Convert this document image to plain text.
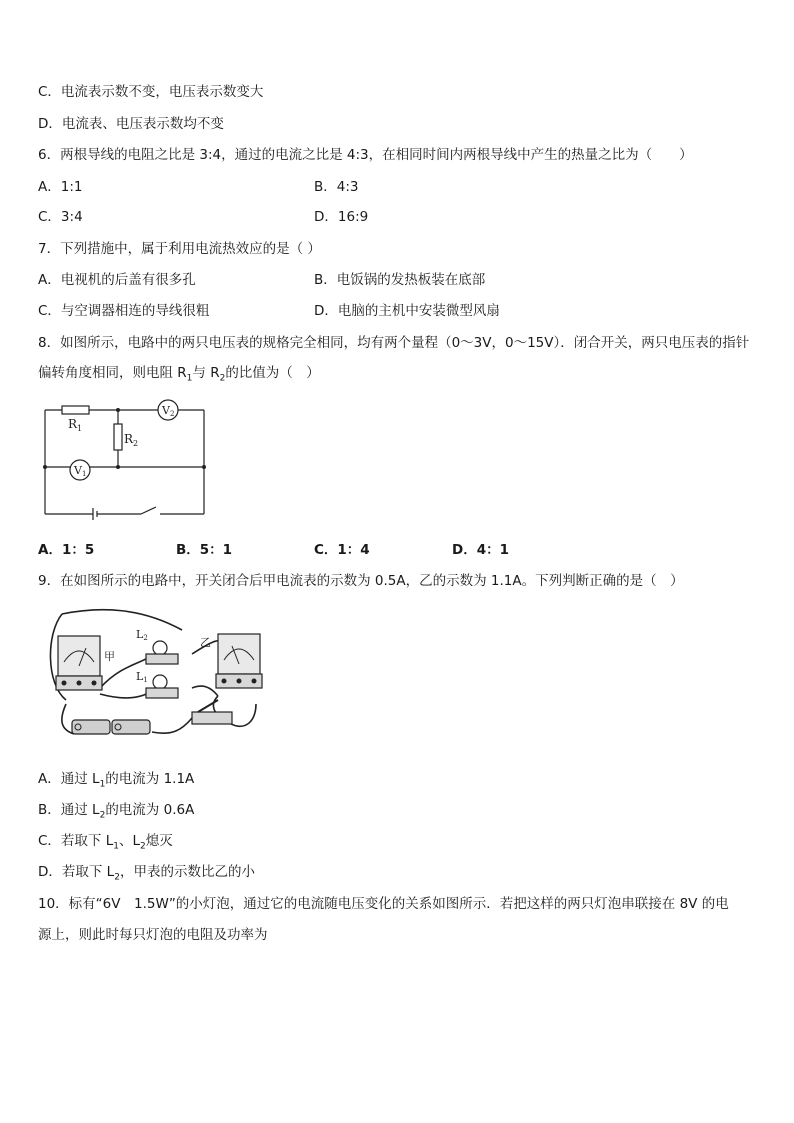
C．电流表示数不变，电压表示数变大
D．电流表、电压表示数均不变
6．两根导线的电阻之比是 3:4，通过的电流之比是 4:3，在相同时间内两根导线中产生的热量之比为（　　）
A．1:1	B．4:3
C．3:4	D．16:9
7．下列措施中，属于利用电流热效应的是（ ）
A．电视机的后盖有很多孔	B．电饭锅的发热板装在底部
C．与空调器相连的导线很粗	D．电脑的主机中安装微型风扇
8．如图所示，电路中的两只电压表的规格完全相同，均有两个量程（0～3V，0～15V）．闭合开关，两只电压表的指针
偏转角度相同，则电阻 $R_1$与 $R_2$的比值为（　）
$R_1$
$R_2$
V2
V1
A．1：5	B．5：1	C．1：4	D．4：1
9．在如图所示的电路中，开关闭合后甲电流表的示数为 0.5A，乙的示数为 1.1A。下列判断正确的是（　）
甲
L2
L1
乙
A．通过 $L_1$的电流为 1.1A
B．通过 $L_2$的电流为 0.6A
C．若取下 $L_1$、$L_2$熄灭
D．若取下 $L_2$，甲表的示数比乙的小
10．标有“6V　1.5W”的小灯泡，通过它的电流随电压变化的关系如图所示．若把这样的两只灯泡串联接在 8V 的电
源上，则此时每只灯泡的电阻及功率为
